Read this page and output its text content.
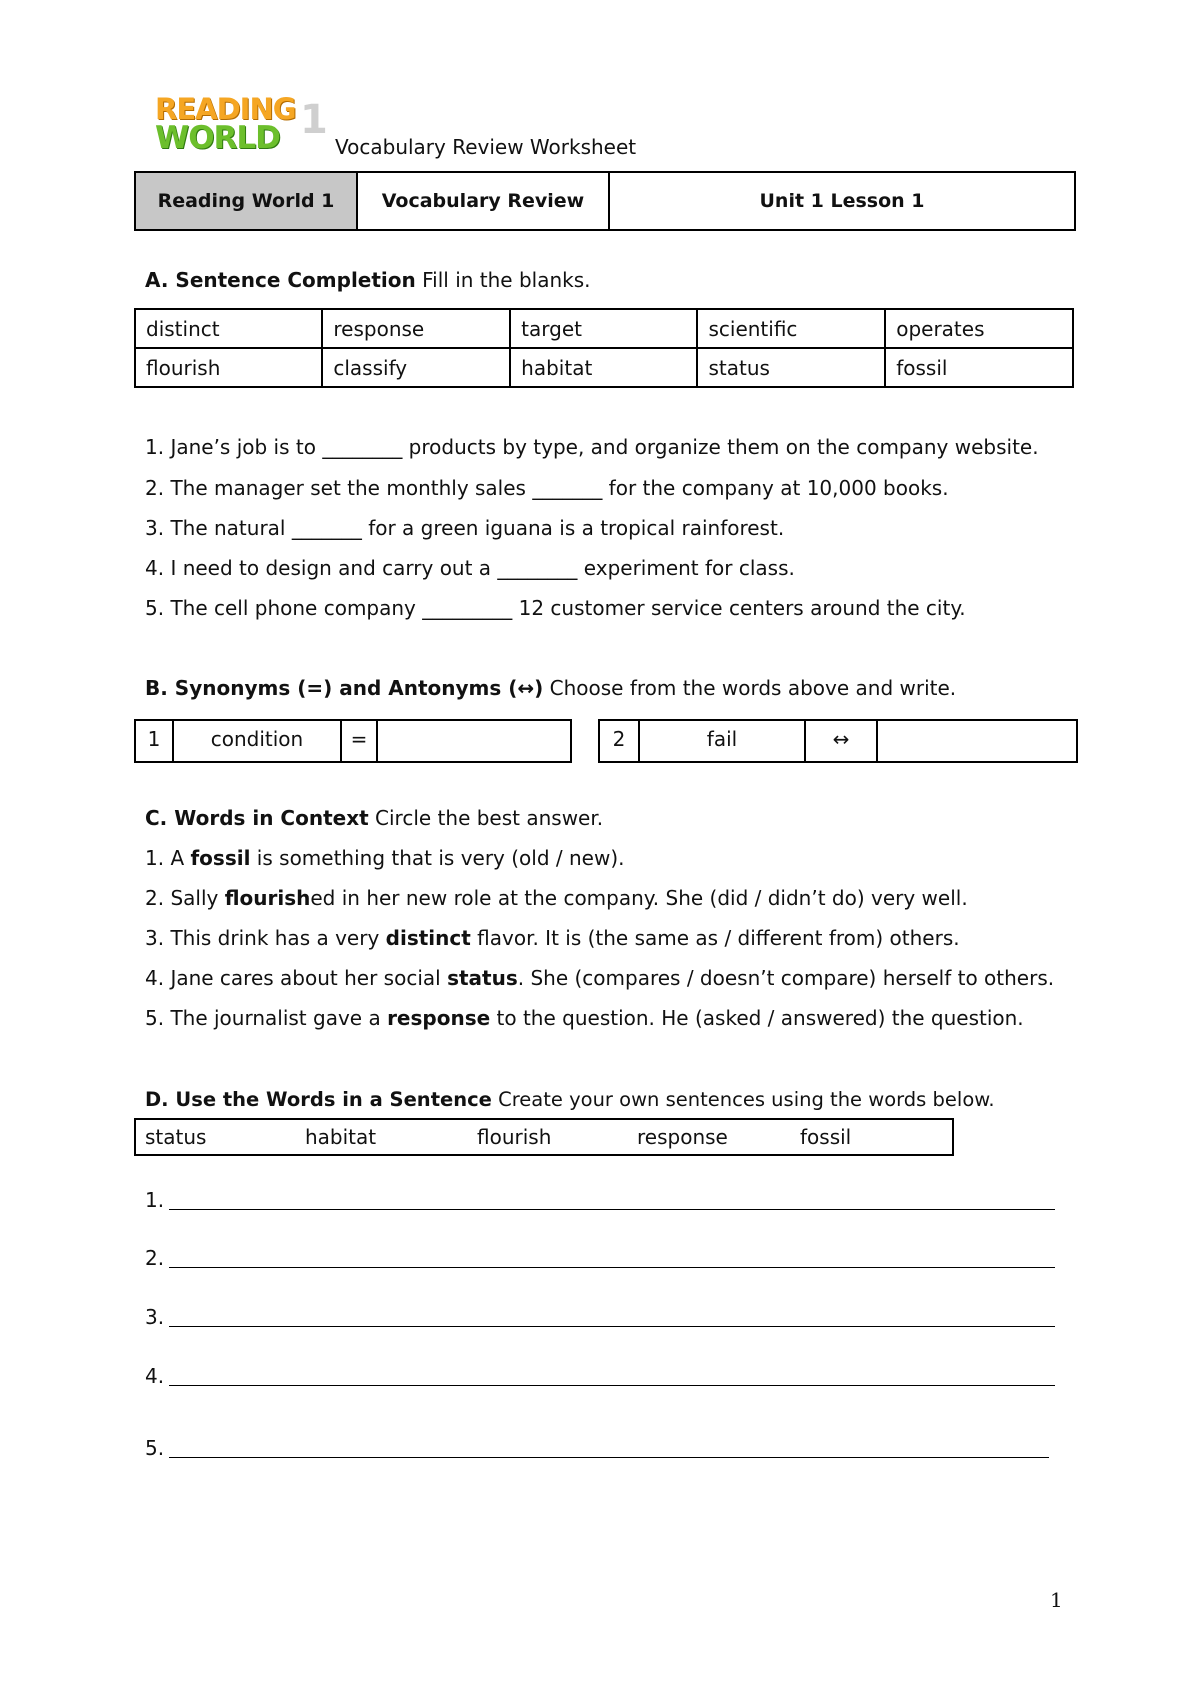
READING
WORLD 1
Vocabulary Review Worksheet
Reading World 1	Vocabulary Review	Unit 1 Lesson 1
A. Sentence Completion Fill in the blanks.
distinct	response	target	scientific	operates
flourish	classify	habitat	status	fossil
1. Jane’s job is to ________ products by type, and organize them on the company website.
2. The manager set the monthly sales _______ for the company at 10,000 books.
3. The natural _______ for a green iguana is a tropical rainforest.
4. I need to design and carry out a ________ experiment for class.
5. The cell phone company _________ 12 customer service centers around the city.
B. Synonyms (=) and Antonyms (↔) Choose from the words above and write.
1	condition	=		2	fail	↔	
C. Words in Context Circle the best answer.
1. A fossil is something that is very (old / new).
2. Sally flourished in her new role at the company. She (did / didn’t do) very well.
3. This drink has a very distinct flavor. It is (the same as / different from) others.
4. Jane cares about her social status. She (compares / doesn’t compare) herself to others.
5. The journalist gave a response to the question. He (asked / answered) the question.
D. Use the Words in a Sentence Create your own sentences using the words below.
status	habitat	flourish	response	fossil
1.
2.
3.
4.
5.
1
